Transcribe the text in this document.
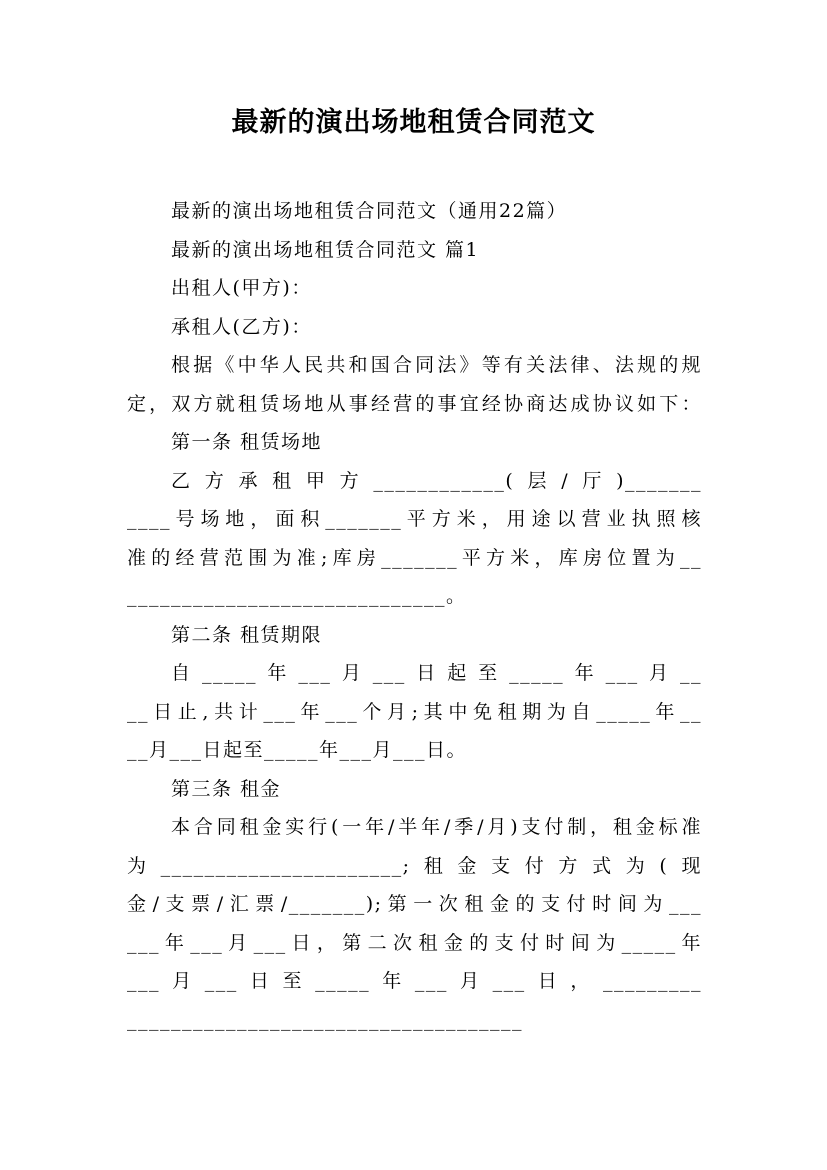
最新的演出场地租赁合同范文
最新的演出场地租赁合同范文（通用22篇）
最新的演出场地租赁合同范文 篇1
出租人(甲方)：
承租人(乙方)：
根据《中华人民共和国合同法》等有关法律、法规的规
定，双方就租赁场地从事经营的事宜经协商达成协议如下：
第一条 租赁场地
乙方承租甲方____________(层/厅)_______
____号场地，面积_______平方米，用途以营业执照核
准的经营范围为准;库房_______平方米，库房位置为__
_____________________________。
第二条 租赁期限
自_____年___月___日起至_____年___月__
__日止,共计___年___个月;其中免租期为自_____年__
__月___日起至_____年___月___日。
第三条 租金
本合同租金实行(一年/半年/季/月)支付制，租金标准
为______________________;租金支付方式为(现
金/支票/汇票/_______);第一次租金的支付时间为___
___年___月___日，第二次租金的支付时间为_____年
___月___日至_____年___月___日，_________
____________________________________
